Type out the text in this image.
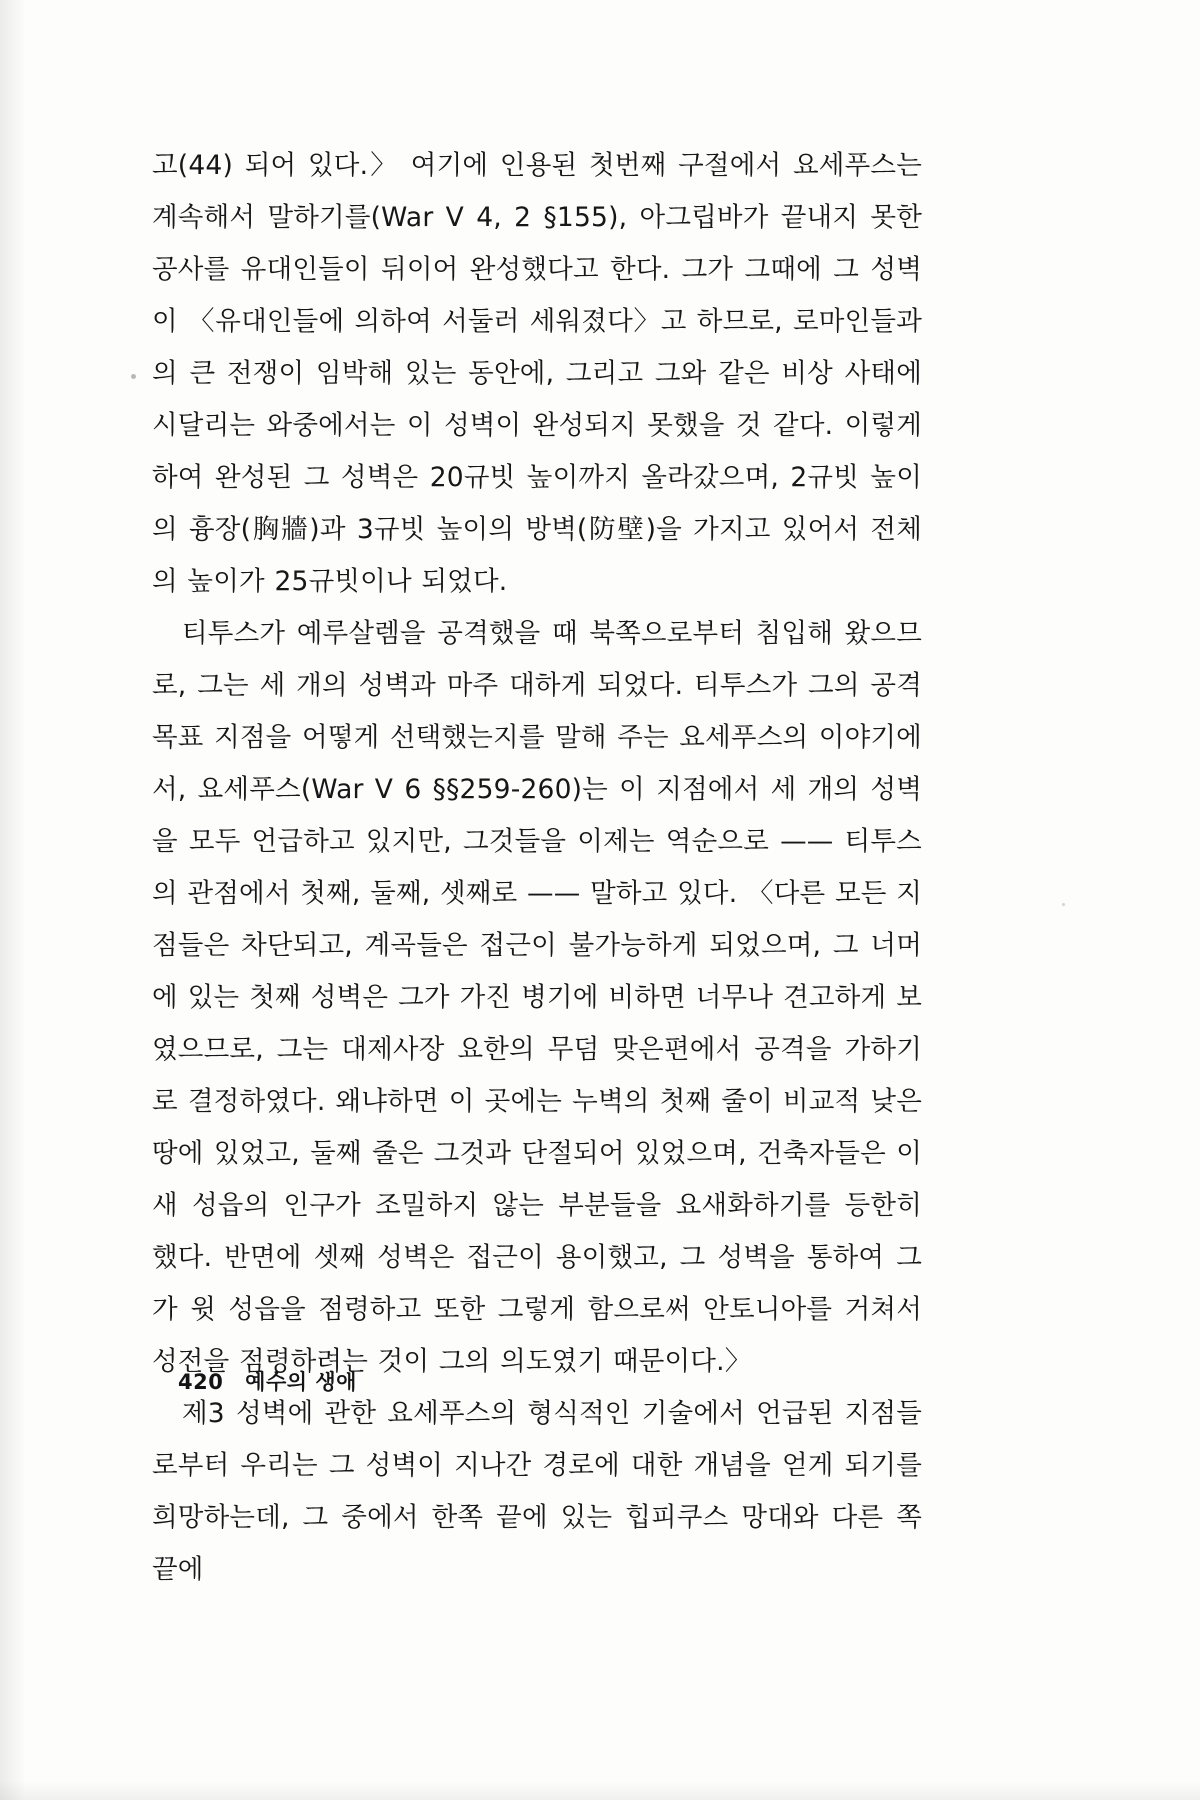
고(44) 되어 있다.〉 여기에 인용된 첫번째 구절에서 요세푸스는 계속해서 말하기를(War V 4, 2 §155), 아그립바가 끝내지 못한 공사를 유대인들이 뒤이어 완성했다고 한다. 그가 그때에 그 성벽이 〈유대인들에 의하여 서둘러 세워졌다〉고 하므로, 로마인들과의 큰 전쟁이 임박해 있는 동안에, 그리고 그와 같은 비상 사태에 시달리는 와중에서는 이 성벽이 완성되지 못했을 것 같다. 이렇게 하여 완성된 그 성벽은 20규빗 높이까지 올라갔으며, 2규빗 높이의 흉장(胸牆)과 3규빗 높이의 방벽(防壁)을 가지고 있어서 전체의 높이가 25규빗이나 되었다.

티투스가 예루살렘을 공격했을 때 북쪽으로부터 침입해 왔으므로, 그는 세 개의 성벽과 마주 대하게 되었다. 티투스가 그의 공격 목표 지점을 어떻게 선택했는지를 말해 주는 요세푸스의 이야기에서, 요세푸스(War V 6 §§259-260)는 이 지점에서 세 개의 성벽을 모두 언급하고 있지만, 그것들을 이제는 역순으로 —— 티투스의 관점에서 첫째, 둘째, 셋째로 —— 말하고 있다. 〈다른 모든 지점들은 차단되고, 계곡들은 접근이 불가능하게 되었으며, 그 너머에 있는 첫째 성벽은 그가 가진 병기에 비하면 너무나 견고하게 보였으므로, 그는 대제사장 요한의 무덤 맞은편에서 공격을 가하기로 결정하였다. 왜냐하면 이 곳에는 누벽의 첫째 줄이 비교적 낮은 땅에 있었고, 둘째 줄은 그것과 단절되어 있었으며, 건축자들은 이 새 성읍의 인구가 조밀하지 않는 부분들을 요새화하기를 등한히 했다. 반면에 셋째 성벽은 접근이 용이했고, 그 성벽을 통하여 그가 윗 성읍을 점령하고 또한 그렇게 함으로써 안토니아를 거쳐서 성전을 점령하려는 것이 그의 의도였기 때문이다.〉

제3 성벽에 관한 요세푸스의 형식적인 기술에서 언급된 지점들로부터 우리는 그 성벽이 지나간 경로에 대한 개념을 얻게 되기를 희망하는데, 그 중에서 한쪽 끝에 있는 힙피쿠스 망대와 다른 쪽 끝에

420 예수의 생애
